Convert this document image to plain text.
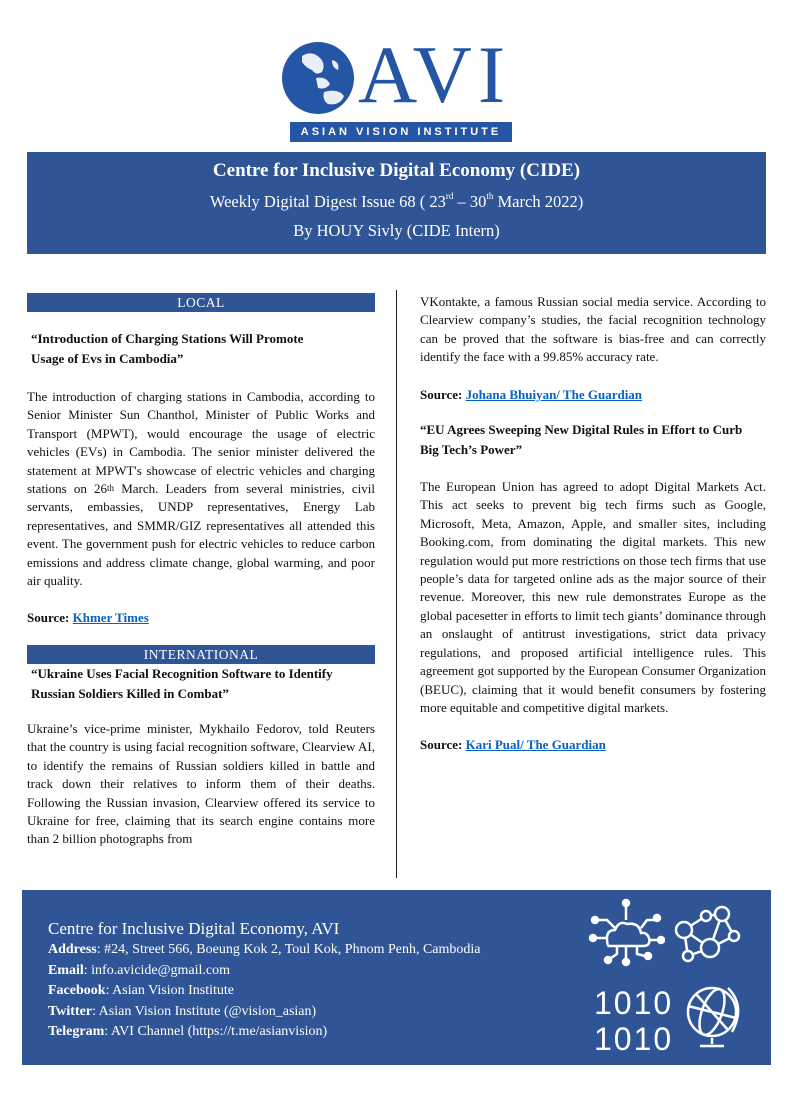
AVI
ASIAN VISION INSTITUTE
Centre for Inclusive Digital Economy (CIDE)
Weekly Digital Digest Issue 68 ( 23rd – 30th March 2022)
By HOUY Sivly (CIDE Intern)
LOCAL
“Introduction of Charging Stations Will Promote Usage of Evs in Cambodia”

The introduction of charging stations in Cambodia, according to Senior Minister Sun Chanthol, Minister of Public Works and Transport (MPWT), would encourage the usage of electric vehicles (EVs) in Cambodia. The senior minister delivered the statement at MPWT's showcase of electric vehicles and charging stations on 26th March. Leaders from several ministries, civil servants, embassies, UNDP representatives, Energy Lab representatives, and SMMR/GIZ representatives all attended this event. The government push for electric vehicles to reduce carbon emissions and address climate change, global warming, and poor air quality.

Source: Khmer Times
INTERNATIONAL
“Ukraine Uses Facial Recognition Software to Identify Russian Soldiers Killed in Combat”

Ukraine’s vice-prime minister, Mykhailo Fedorov, told Reuters that the country is using facial recognition software, Clearview AI, to identify the remains of Russian soldiers killed in battle and track down their relatives to inform them of their deaths. Following the Russian invasion, Clearview offered its service to Ukraine for free, claiming that its search engine contains more than 2 billion photographs from

VKontakte, a famous Russian social media service. According to Clearview company’s studies, the facial recognition technology can be proved that the software is bias-free and can correctly identify the face with a 99.85% accuracy rate.

Source: Johana Bhuiyan/ The Guardian
“EU Agrees Sweeping New Digital Rules in Effort to Curb Big Tech’s Power”

The European Union has agreed to adopt Digital Markets Act. This act seeks to prevent big tech firms such as Google, Microsoft, Meta, Amazon, Apple, and smaller sites, including Booking.com, from dominating the digital markets. This new regulation would put more restrictions on those tech firms that use people’s data for targeted online ads as the major source of their revenue. Moreover, this new rule demonstrates Europe as the global pacesetter in efforts to limit tech giants’ dominance through an onslaught of antitrust investigations, strict data privacy regulations, and proposed artificial intelligence rules. This agreement got supported by the European Consumer Organization (BEUC), claiming that it would benefit consumers by fostering more equitable and competitive digital markets.

Source: Kari Pual/ The Guardian
Centre for Inclusive Digital Economy, AVI
Address: #24, Street 566, Boeung Kok 2, Toul Kok, Phnom Penh, Cambodia
Email: info.avicide@gmail.com
Facebook: Asian Vision Institute
Twitter: Asian Vision Institute (@vision_asian)
Telegram: AVI Channel (https://t.me/asianvision)
1010
1010
